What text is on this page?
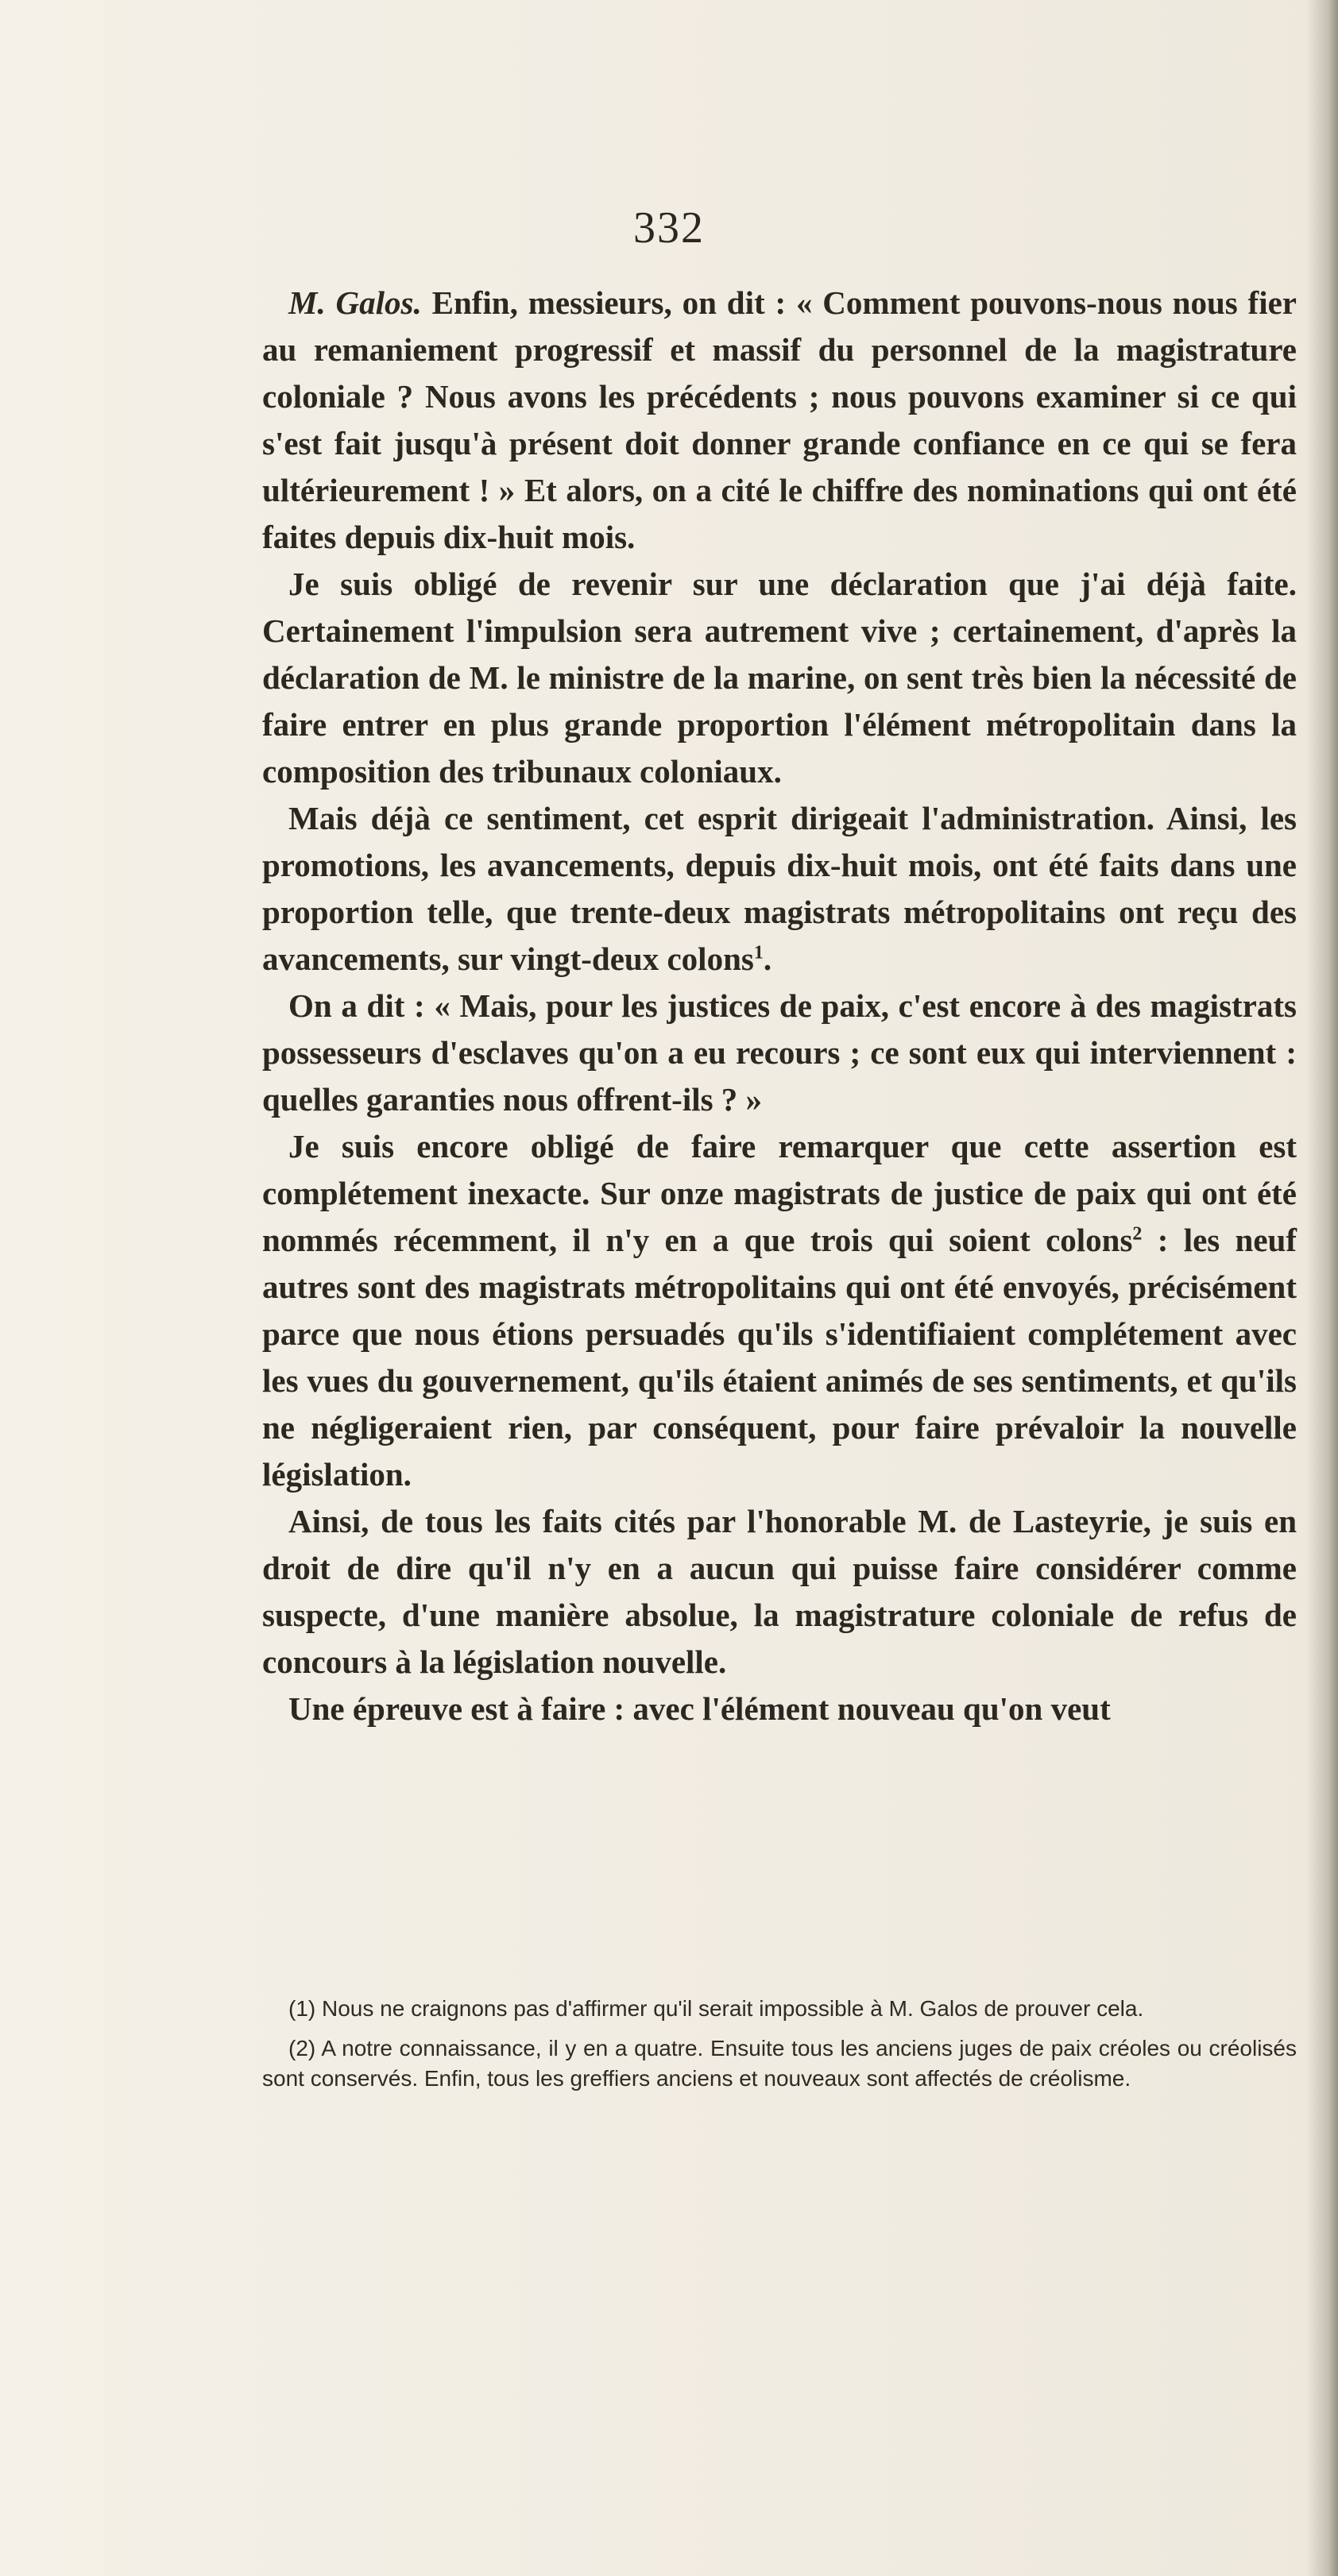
332

M. Galos. Enfin, messieurs, on dit : « Comment pouvons-nous nous fier au remaniement progressif et massif du personnel de la magistrature coloniale ? Nous avons les précédents ; nous pouvons examiner si ce qui s'est fait jusqu'à présent doit donner grande confiance en ce qui se fera ultérieurement ! » Et alors, on a cité le chiffre des nominations qui ont été faites depuis dix-huit mois.

Je suis obligé de revenir sur une déclaration que j'ai déjà faite. Certainement l'impulsion sera autrement vive ; certainement, d'après la déclaration de M. le ministre de la marine, on sent très bien la nécessité de faire entrer en plus grande proportion l'élément métropolitain dans la composition des tribunaux coloniaux.

Mais déjà ce sentiment, cet esprit dirigeait l'administration. Ainsi, les promotions, les avancements, depuis dix-huit mois, ont été faits dans une proportion telle, que trente-deux magistrats métropolitains ont reçu des avancements, sur vingt-deux colons$^1$.

On a dit : « Mais, pour les justices de paix, c'est encore à des magistrats possesseurs d'esclaves qu'on a eu recours ; ce sont eux qui interviennent : quelles garanties nous offrent-ils ? »

Je suis encore obligé de faire remarquer que cette assertion est complétement inexacte. Sur onze magistrats de justice de paix qui ont été nommés récemment, il n'y en a que trois qui soient colons$^2$ : les neuf autres sont des magistrats métropolitains qui ont été envoyés, précisément parce que nous étions persuadés qu'ils s'identifiaient complétement avec les vues du gouvernement, qu'ils étaient animés de ses sentiments, et qu'ils ne négligeraient rien, par conséquent, pour faire prévaloir la nouvelle législation.

Ainsi, de tous les faits cités par l'honorable M. de Lasteyrie, je suis en droit de dire qu'il n'y en a aucun qui puisse faire considérer comme suspecte, d'une manière absolue, la magistrature coloniale de refus de concours à la législation nouvelle.

Une épreuve est à faire : avec l'élément nouveau qu'on veut

(1) Nous ne craignons pas d'affirmer qu'il serait impossible à M. Galos de prouver cela.

(2) A notre connaissance, il y en a quatre. Ensuite tous les anciens juges de paix créoles ou créolisés sont conservés. Enfin, tous les greffiers anciens et nouveaux sont affectés de créolisme.
